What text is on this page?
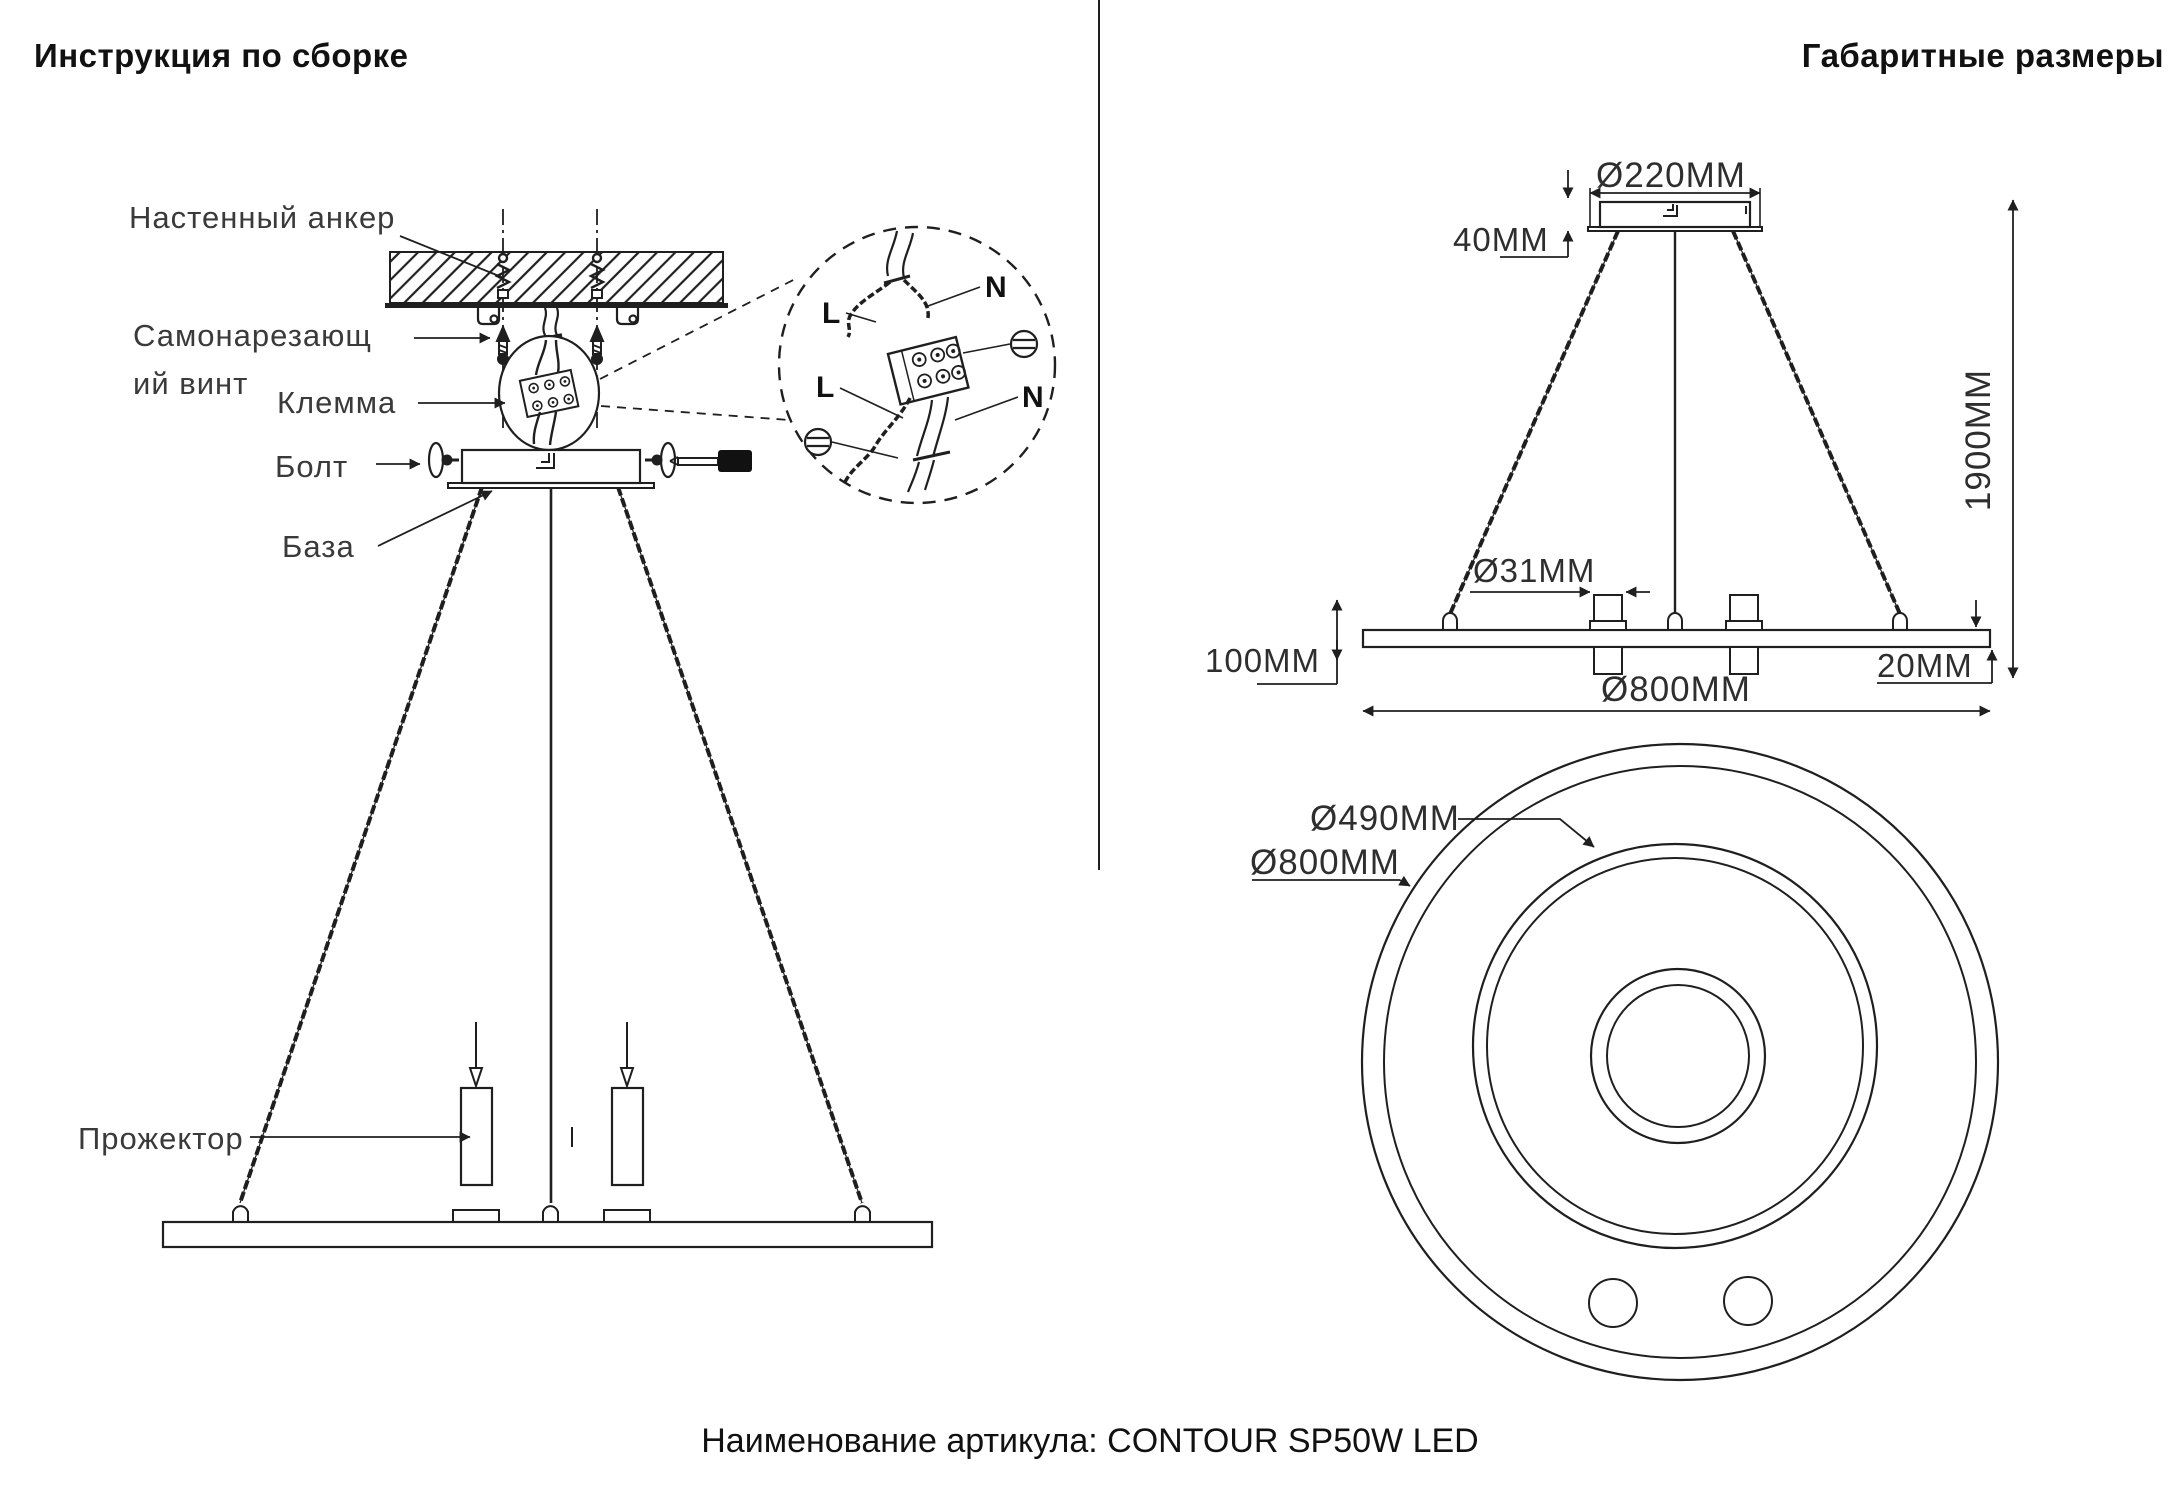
Инструкция по сборке
N
L
L	N
Настенный анкер
Самонарезающ
ий винт
Клемма
Болт
База
Прожектор
Габаритные размеры
Ø220MM
40MM
Ø31MM
100MM
Ø800MM
20MM
1900MM
Ø490MM
Ø800MM
Наименование артикула: CONTOUR SP50W LED
